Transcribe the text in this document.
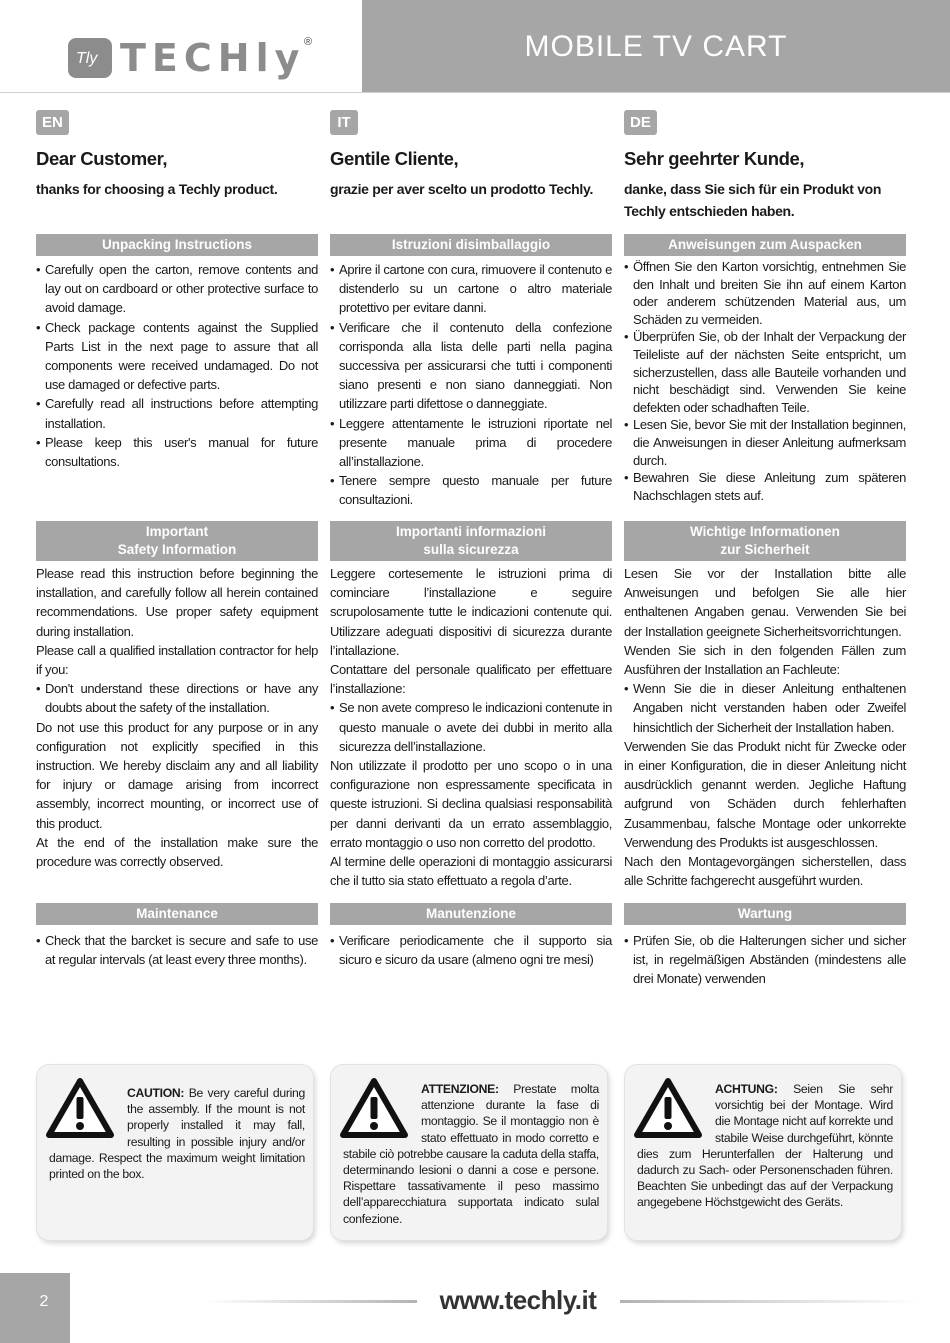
Tly TECHly
®	MOBILE TV CART
EN
Dear Customer,
thanks for choosing a Techly product.
Unpacking Instructions
• Carefully open the carton, remove contents and lay out on cardboard or other protective surface to avoid damage.
• Check package contents against the Supplied Parts List in the next page to assure that all components were received undamaged. Do not use damaged or defective parts.
• Carefully read all instructions before attempting installation.
• Please keep this user's manual for future consultations.
Important
Safety Information

Please read this instruction before beginning the installation, and carefully follow all herein contained recommendations. Use proper safety equipment during installation.

Please call a qualified installation contractor for help if you:

• Don't understand these directions or have any doubts about the safety of the installation.

Do not use this product for any purpose or in any configuration not explicitly specified in this instruction. We hereby disclaim any and all liability for injury or damage arising from incorrect assembly, incorrect mounting, or incorrect use of this product.

At the end of the installation make sure the procedure was correctly observed.

Maintenance
• Check that the barcket is secure and safe to use at regular intervals (at least every three months).
IT
Gentile Cliente,
grazie per aver scelto un prodotto Techly.
Istruzioni disimballaggio
• Aprire il cartone con cura, rimuovere il contenuto e distenderlo su un cartone o altro materiale protettivo per evitare danni.
• Verificare che il contenuto della confezione corrisponda alla lista delle parti nella pagina successiva per assicurarsi che tutti i componenti siano presenti e non siano danneggiati. Non utilizzare parti difettose o danneggiate.
• Leggere attentamente le istruzioni riportate nel presente manuale prima di procedere all’installazione.
• Tenere sempre questo manuale per future consultazioni.
Importanti informazioni
sulla sicurezza

Leggere cortesemente le istruzioni prima di cominciare l’installazione e seguire scrupolosamente tutte le indicazioni contenute qui. Utilizzare adeguati dispositivi di sicurezza durante l’intallazione.

Contattare del personale qualificato per effettuare l’installazione:

• Se non avete compreso le indicazioni contenute in questo manuale o avete dei dubbi in merito alla sicurezza dell’installazione.

Non utilizzate il prodotto per uno scopo o in una configurazione non espressamente specificata in queste istruzioni. Si declina qualsiasi responsabilità per danni derivanti da un errato assemblaggio, errato montaggio o uso non corretto del prodotto.

Al termine delle operazioni di montaggio assicurarsi che il tutto sia stato effettuato a regola d’arte.

Manutenzione
• Verificare periodicamente che il supporto sia sicuro e sicuro da usare (almeno ogni tre mesi)
DE
Sehr geehrter Kunde,
danke, dass Sie sich für ein Produkt von Techly entschieden haben.
Anweisungen zum Auspacken
• Öffnen Sie den Karton vorsichtig, entnehmen Sie den Inhalt und breiten Sie ihn auf einem Karton oder anderem schützenden Material aus, um Schäden zu vermeiden.
• Überprüfen Sie, ob der Inhalt der Verpackung der Teileliste auf der nächsten Seite entspricht, um sicherzustellen, dass alle Bauteile vorhanden und nicht beschädigt sind. Verwenden Sie keine defekten oder schadhaften Teile.
• Lesen Sie, bevor Sie mit der Installation beginnen, die Anweisungen in dieser Anleitung aufmerksam durch.
• Bewahren Sie diese Anleitung zum späteren Nachschlagen stets auf.
Wichtige Informationen
zur Sicherheit

Lesen Sie vor der Installation bitte alle Anweisungen und befolgen Sie alle hier enthaltenen Angaben genau. Verwenden Sie bei der Installation geeignete Sicherheitsvorrichtungen.

Wenden Sie sich in den folgenden Fällen zum Ausführen der Installation an Fachleute:

• Wenn Sie die in dieser Anleitung enthaltenen Angaben nicht verstanden haben oder Zweifel hinsichtlich der Sicherheit der Installation haben.

Verwenden Sie das Produkt nicht für Zwecke oder in einer Konfiguration, die in dieser Anleitung nicht ausdrücklich genannt werden. Jegliche Haftung aufgrund von Schäden durch fehlerhaften Zusammenbau, falsche Montage oder unkorrekte Verwendung des Produkts ist ausgeschlossen.

Nach den Montagevorgängen sicherstellen, dass alle Schritte fachgerecht ausgeführt wurden.

Wartung
• Prüfen Sie, ob die Halterungen sicher und sicher ist, in regelmäßigen Abständen (mindestens alle drei Monate) verwenden
CAUTION: Be very careful during the assembly. If the mount is not properly installed it may fall, resulting in possible injury and/or damage. Respect the maximum weight limitation printed on the box.
ATTENZIONE: Prestate molta attenzione durante la fase di montaggio. Se il montaggio non è stato effettuato in modo corretto e stabile ciò potrebbe causare la caduta della staffa, determinando lesioni o danni a cose e persone. Rispettare tassativamente il peso massimo dell’apparecchiatura supportata indicato sulal confezione.
ACHTUNG: Seien Sie sehr vorsichtig bei der Montage. Wird die Montage nicht auf korrekte und stabile Weise durchgeführt, könnte dies zum Herunterfallen der Halterung und dadurch zu Sach- oder Personenschaden führen. Beachten Sie unbedingt das auf der Verpackung angegebene Höchstgewicht des Geräts.
2	www.techly.it
